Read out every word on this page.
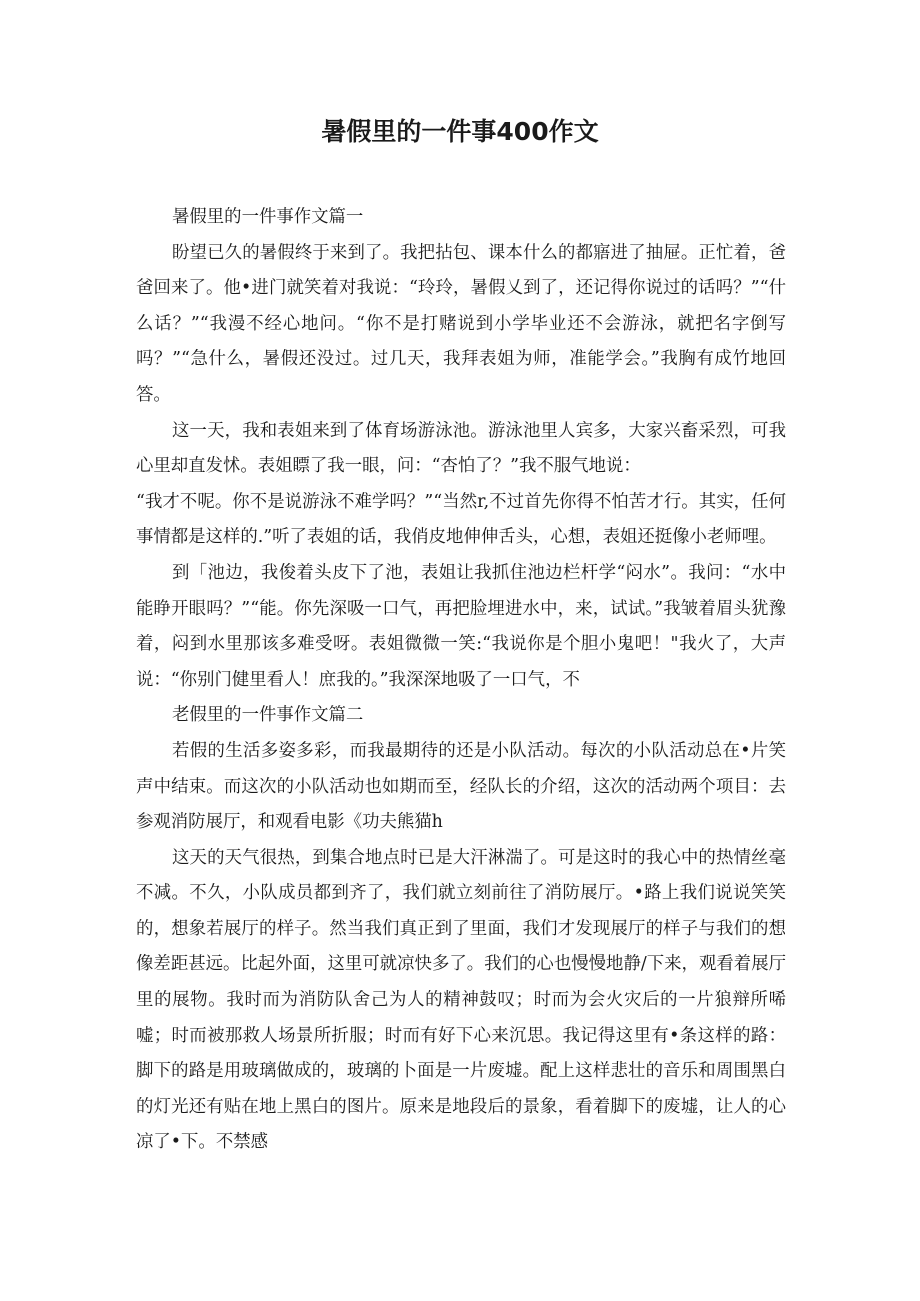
暑假里的一件事400作文

暑假里的一件事作文篇一

盼望已久的暑假终于来到了。我把拈包、课本什么的都寤进了抽屉。正忙着，爸爸回来了。他•进门就笑着对我说：“玲玲，暑假乂到了，还记得你说过的话吗？”“什么话？”“我漫不经心地问。“你不是打赌说到小学毕业还不会游泳，就把名字倒写吗？”“急什么，暑假还没过。过几天，我拜表姐为师，准能学会。”我胸有成竹地回答。

这一天，我和表姐来到了体育场游泳池。游泳池里人宾多，大家兴畜采烈，可我心里却直发怵。表姐瞟了我一眼，问：“杏怕了？”我不服气地说：

“我才不呢。你不是说游泳不难学吗？”“当然r,不过首先你得不怕苦才行。其实，任何事情都是这样的.”听了表姐的话，我俏皮地伸伸舌头，心想，表姐还挺像小老师哩。

到「池边，我俊着头皮下了池，表姐让我抓住池边栏杆学“闷水”。我问：“水中能睁开眼吗？”“能。你先深吸一口气，再把脸埋进水中，来，试试。”我皱着眉头犹豫着，闷到水里那该多难受呀。表姐微微一笑:“我说你是个胆小鬼吧！"我火了，大声说：“你别门健里看人！庶我的。”我深深地吸了一口气，不

老假里的一件事作文篇二

若假的生活多姿多彩，而我最期待的还是小队活动。每次的小队活动总在•片笑声中结束。而这次的小队活动也如期而至，经队长的介绍，这次的活动两个项目：去参观消防展厅，和观看电影《功夫熊猫h

这天的天气很热，到集合地点时已是大汗淋湍了。可是这时的我心中的热情丝毫不减。不久，小队成员都到齐了，我们就立刻前往了消防展厅。•路上我们说说笑笑的，想象若展厅的样子。然当我们真正到了里面，我们才发现展厅的样子与我们的想像差距甚远。比起外面，这里可就凉快多了。我们的心也慢慢地静/下来，观看着展厅里的展物。我时而为消防队舍己为人的精神鼓叹；时而为会火灾后的一片狼辩所唏嘘；时而被那救人场景所折服；时而有好下心来沉思。我记得这里有•条这样的路：脚下的路是用玻璃做成的，玻璃的卜面是一片废墟。配上这样悲壮的音乐和周围黑白的灯光还有贴在地上黑白的图片。原来是地段后的景象，看着脚下的废墟，让人的心凉了•下。不禁感
